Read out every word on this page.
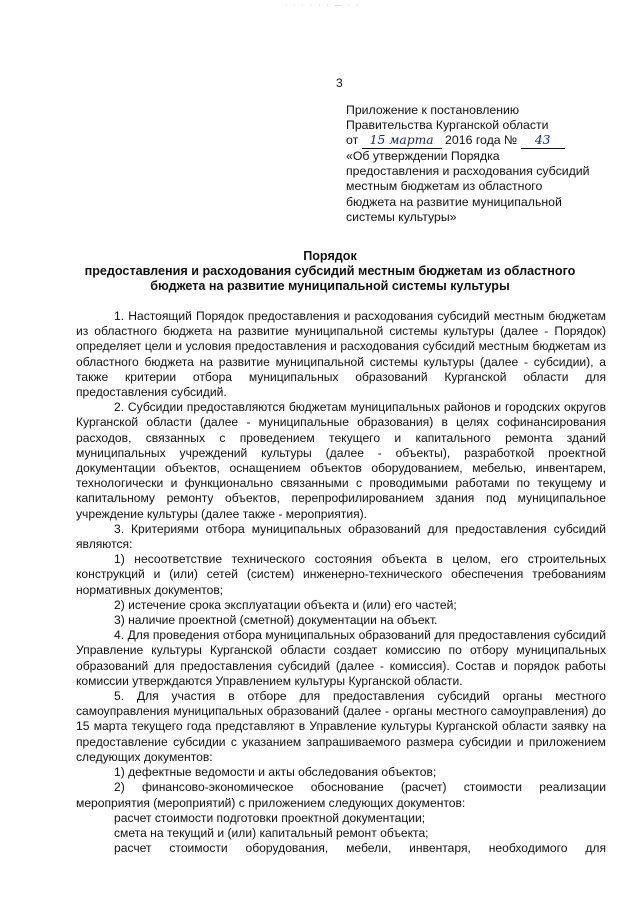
· · · · · · — · ·
3
Приложение к постановлению
Правительства Курганской области
от 15 марта 2016 года № 43
«Об утверждении Порядка
предоставления и расходования субсидий
местным бюджетам из областного
бюджета на развитие муниципальной
системы культуры»
Порядок
предоставления и расходования субсидий местным бюджетам из областного
бюджета на развитие муниципальной системы культуры

1. Настоящий Порядок предоставления и расходования субсидий местным бюджетам из областного бюджета на развитие муниципальной системы культуры (далее - Порядок) определяет цели и условия предоставления и расходования субсидий местным бюджетам из областного бюджета на развитие муниципальной системы культуры (далее - субсидии), а также критерии отбора муниципальных образований Курганской области для предоставления субсидий.

2. Субсидии предоставляются бюджетам муниципальных районов и городских округов Курганской области (далее - муниципальные образования) в целях софинансирования расходов, связанных с проведением текущего и капитального ремонта зданий муниципальных учреждений культуры (далее - объекты), разработкой проектной документации объектов, оснащением объектов оборудованием, мебелью, инвентарем, технологически и функционально связанными с проводимыми работами по текущему и капитальному ремонту объектов, перепрофилированием здания под муниципальное учреждение культуры (далее также - мероприятия).

3. Критериями отбора муниципальных образований для предоставления субсидий являются:

1) несоответствие технического состояния объекта в целом, его строительных конструкций и (или) сетей (систем) инженерно-технического обеспечения требованиям нормативных документов;

2) истечение срока эксплуатации объекта и (или) его частей;

3) наличие проектной (сметной) документации на объект.

4. Для проведения отбора муниципальных образований для предоставления субсидий Управление культуры Курганской области создает комиссию по отбору муниципальных образований для предоставления субсидий (далее - комиссия). Состав и порядок работы комиссии утверждаются Управлением культуры Курганской области.

5. Для участия в отборе для предоставления субсидий органы местного самоуправления муниципальных образований (далее - органы местного самоуправления) до 15 марта текущего года представляют в Управление культуры Курганской области заявку на предоставление субсидии с указанием запрашиваемого размера субсидии и приложением следующих документов:

1) дефектные ведомости и акты обследования объектов;

2) финансово-экономическое обоснование (расчет) стоимости реализации мероприятия (мероприятий) с приложением следующих документов:

расчет стоимости подготовки проектной документации;

смета на текущий и (или) капитальный ремонт объекта;

расчет стоимости оборудования, мебели, инвентаря, необходимого для
